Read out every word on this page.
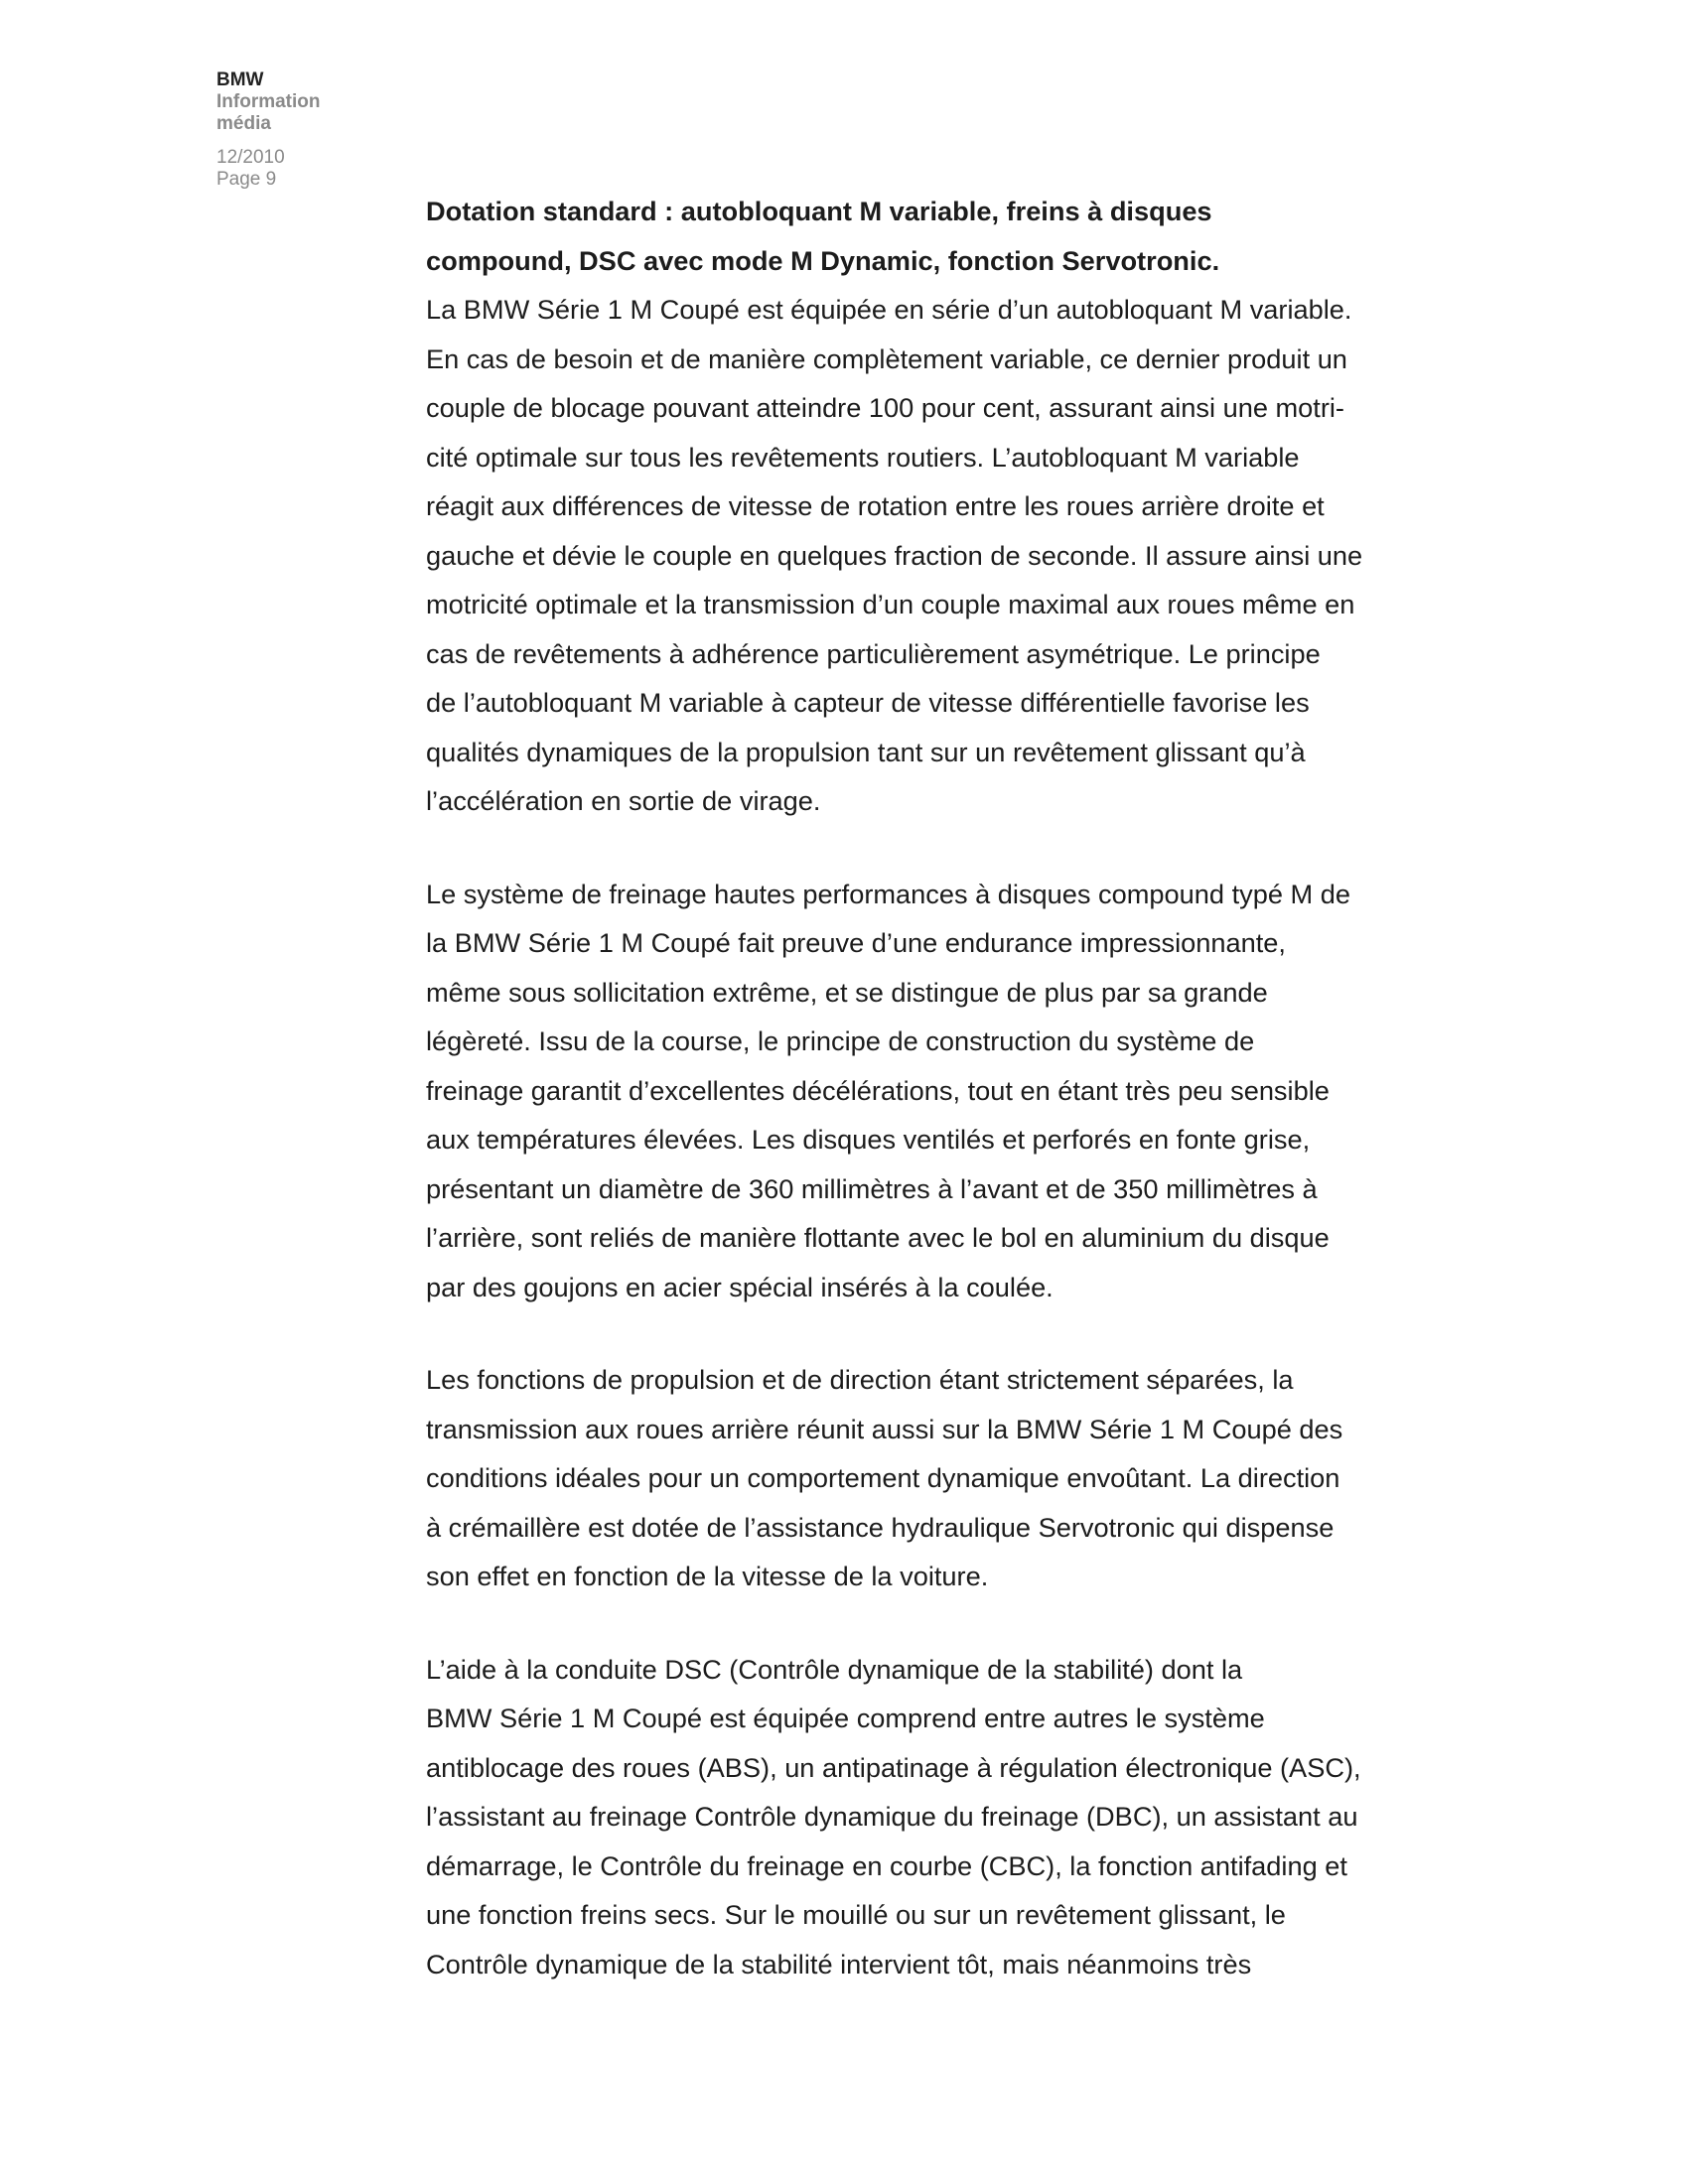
BMW
Information
média
12/2010
Page 9
Dotation standard : autobloquant M variable, freins à disques
compound, DSC avec mode M Dynamic, fonction Servotronic.

La BMW Série 1 M Coupé est équipée en série d’un autobloquant M variable.
En cas de besoin et de manière complètement variable, ce dernier produit un
couple de blocage pouvant atteindre 100 pour cent, assurant ainsi une motri-
cité optimale sur tous les revêtements routiers. L’autobloquant M variable
réagit aux différences de vitesse de rotation entre les roues arrière droite et
gauche et dévie le couple en quelques fraction de seconde. Il assure ainsi une
motricité optimale et la transmission d’un couple maximal aux roues même en
cas de revêtements à adhérence particulièrement asymétrique. Le principe
de l’autobloquant M variable à capteur de vitesse différentielle favorise les
qualités dynamiques de la propulsion tant sur un revêtement glissant qu’à
l’accélération en sortie de virage.

Le système de freinage hautes performances à disques compound typé M de
la BMW Série 1 M Coupé fait preuve d’une endurance impressionnante,
même sous sollicitation extrême, et se distingue de plus par sa grande
légèreté. Issu de la course, le principe de construction du système de
freinage garantit d’excellentes décélérations, tout en étant très peu sensible
aux températures élevées. Les disques ventilés et perforés en fonte grise,
présentant un diamètre de 360 millimètres à l’avant et de 350 millimètres à
l’arrière, sont reliés de manière flottante avec le bol en aluminium du disque
par des goujons en acier spécial insérés à la coulée.

Les fonctions de propulsion et de direction étant strictement séparées, la
transmission aux roues arrière réunit aussi sur la BMW Série 1 M Coupé des
conditions idéales pour un comportement dynamique envoûtant. La direction
à crémaillère est dotée de l’assistance hydraulique Servotronic qui dispense
son effet en fonction de la vitesse de la voiture.

L’aide à la conduite DSC (Contrôle dynamique de la stabilité) dont la
BMW Série 1 M Coupé est équipée comprend entre autres le système
antiblocage des roues (ABS), un antipatinage à régulation électronique (ASC),
l’assistant au freinage Contrôle dynamique du freinage (DBC), un assistant au
démarrage, le Contrôle du freinage en courbe (CBC), la fonction antifading et
une fonction freins secs. Sur le mouillé ou sur un revêtement glissant, le
Contrôle dynamique de la stabilité intervient tôt, mais néanmoins très
